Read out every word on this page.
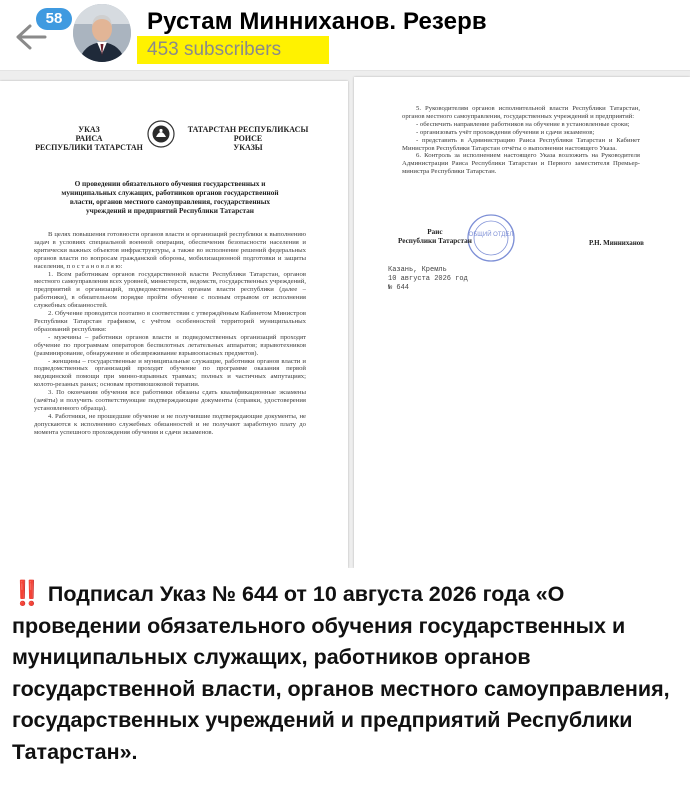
58	Рустам Минниханов. Резерв
453 subscribers
УКАЗ
РАИСА
РЕСПУБЛИКИ ТАТАРСТАН
ТАТАРСТАН РЕСПУБЛИКАСЫ
РОИСЕ
УКАЗЫ
О проведении обязательного обучения государственных и муниципальных служащих, работников органов государственной власти, органов местного самоуправления, государственных учреждений и предприятий Республики Татарстан

В целях повышения готовности органов власти и организаций республики к выполнению задач в условиях специальной военной операции, обеспечения безопасности населения и критически важных объектов инфраструктуры, а также во исполнение решений федеральных органов власти по вопросам гражданской обороны, мобилизационной подготовки и защиты населения, п о с т а н о в л я ю:

1. Всем работникам органов государственной власти Республики Татарстан, органов местного самоуправления всех уровней, министерств, ведомств, государственных учреждений, предприятий и организаций, подведомственных органам власти республики (далее – работники), в обязательном порядке пройти обучение с полным отрывом от исполнения служебных обязанностей.

2. Обучение проводится поэтапно в соответствии с утверждённым Кабинетом Министров Республики Татарстан графиком, с учётом особенностей территорий муниципальных образований республики:

- мужчины – работники органов власти и подведомственных организаций проходят обучение по программам операторов беспилотных летательных аппаратов; взрывотехников (разминирование, обнаружение и обезвреживание взрывоопасных предметов).

- женщины – государственные и муниципальные служащие, работники органов власти и подведомственных организаций проходят обучение по программе оказания первой медицинской помощи при минно-взрывных травмах; полных и частичных ампутациях; колото-резаных ранах; основам противошоковой терапии.

3. По окончании обучения все работники обязаны сдать квалификационные экзамены (зачёты) и получить соответствующие подтверждающие документы (справки, удостоверения установленного образца).

4. Работники, не прошедшие обучение и не получившие подтверждающие документы, не допускаются к исполнению служебных обязанностей и не получают заработную плату до момента успешного прохождения обучения и сдачи экзаменов.

5. Руководителям органов исполнительной власти Республики Татарстан, органов местного самоуправления, государственных учреждений и предприятий:

- обеспечить направление работников на обучение в установленные сроки;

- организовать учёт прохождения обучения и сдачи экзаменов;

- представить в Администрацию Раиса Республики Татарстан и Кабинет Министров Республики Татарстан отчёты о выполнении настоящего Указа.

6. Контроль за исполнением настоящего Указа возложить на Руководителя Администрации Раиса Республики Татарстан и Первого заместителя Премьер-министра Республики Татарстан.

ОБЩИЙ ОТДЕЛ
Раис
Республики Татарстан	Р.Н. Минниханов
Казань, Кремль
10 августа 2026 год
№ 644
‼️ Подписал Указ № 644 от 10 августа 2026 года «О проведении обязательного обучения государственных и муниципальных служащих, работников органов государственной власти, органов местного самоуправления, государственных учреждений и предприятий Республики Татарстан».
